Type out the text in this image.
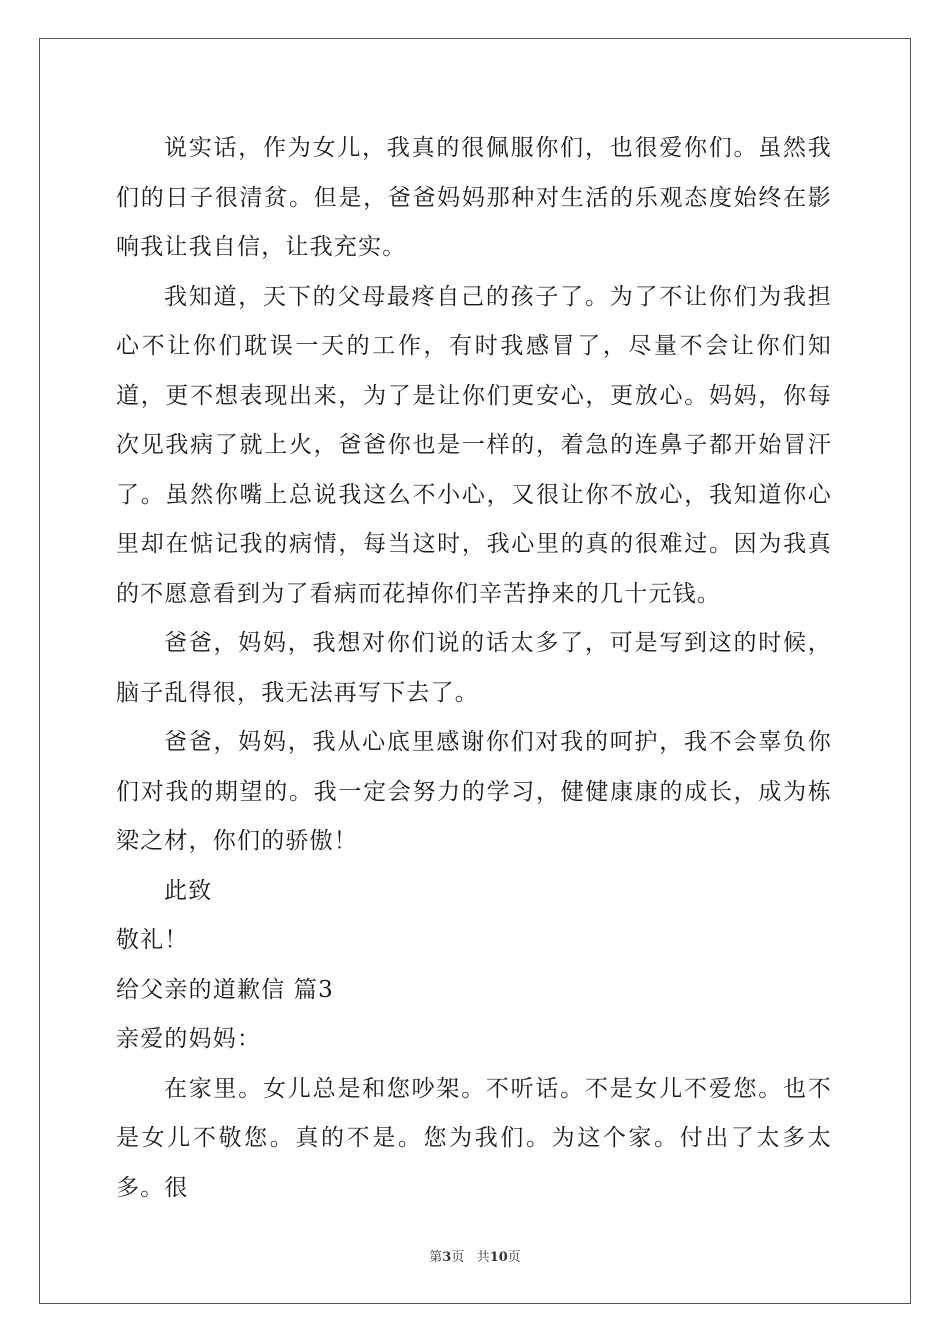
说实话，作为女儿，我真的很佩服你们，也很爱你们。虽然我们的日子很清贫。但是，爸爸妈妈那种对生活的乐观态度始终在影响我让我自信，让我充实。

我知道，天下的父母最疼自己的孩子了。为了不让你们为我担心不让你们耽误一天的工作，有时我感冒了，尽量不会让你们知道，更不想表现出来，为了是让你们更安心，更放心。妈妈，你每次见我病了就上火，爸爸你也是一样的，着急的连鼻子都开始冒汗了。虽然你嘴上总说我这么不小心，又很让你不放心，我知道你心里却在惦记我的病情，每当这时，我心里的真的很难过。因为我真的不愿意看到为了看病而花掉你们辛苦挣来的几十元钱。

爸爸，妈妈，我想对你们说的话太多了，可是写到这的时候，脑子乱得很，我无法再写下去了。

爸爸，妈妈，我从心底里感谢你们对我的呵护，我不会辜负你们对我的期望的。我一定会努力的学习，健健康康的成长，成为栋梁之材，你们的骄傲！

此致

敬礼！

给父亲的道歉信 篇3

亲爱的妈妈：

在家里。女儿总是和您吵架。不听话。不是女儿不爱您。也不是女儿不敬您。真的不是。您为我们。为这个家。付出了太多太多。很

第3页 共10页
